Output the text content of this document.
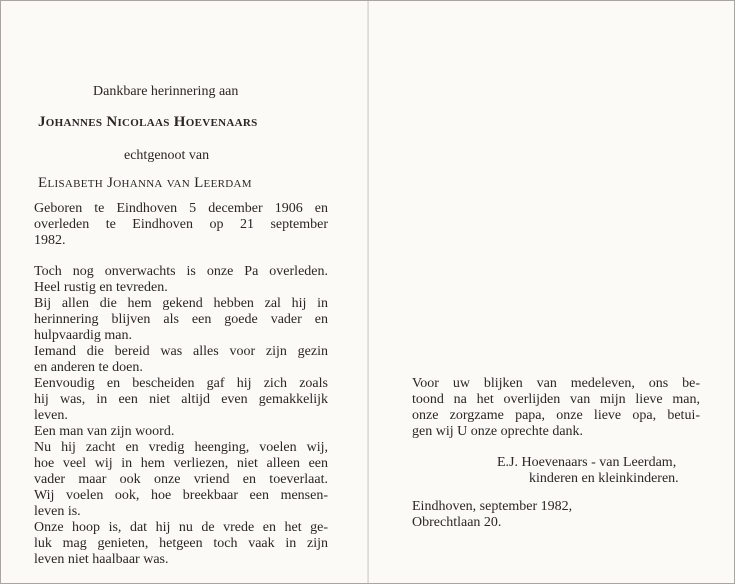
Dankbare herinnering aan
Johannes Nicolaas Hoevenaars
echtgenoot van
Elisabeth Johanna van Leerdam
Geboren te Eindhoven 5 december 1906 en
overleden te Eindhoven op 21 september
1982.
Toch nog onverwachts is onze Pa overleden.
Heel rustig en tevreden.
Bij allen die hem gekend hebben zal hij in
herinnering blijven als een goede vader en
hulpvaardig man.
Iemand die bereid was alles voor zijn gezin
en anderen te doen.
Eenvoudig en bescheiden gaf hij zich zoals
hij was, in een niet altijd even gemakkelijk
leven.
Een man van zijn woord.
Nu hij zacht en vredig heenging, voelen wij,
hoe veel wij in hem verliezen, niet alleen een
vader maar ook onze vriend en toeverlaat.
Wij voelen ook, hoe breekbaar een mensen-
leven is.
Onze hoop is, dat hij nu de vrede en het ge-
luk mag genieten, hetgeen toch vaak in zijn
leven niet haalbaar was.
Voor uw blijken van medeleven, ons be-
toond na het overlijden van mijn lieve man,
onze zorgzame papa, onze lieve opa, betui-
gen wij U onze oprechte dank.
E.J. Hoevenaars - van Leerdam,
kinderen en kleinkinderen.
Eindhoven, september 1982,
Obrechtlaan 20.
